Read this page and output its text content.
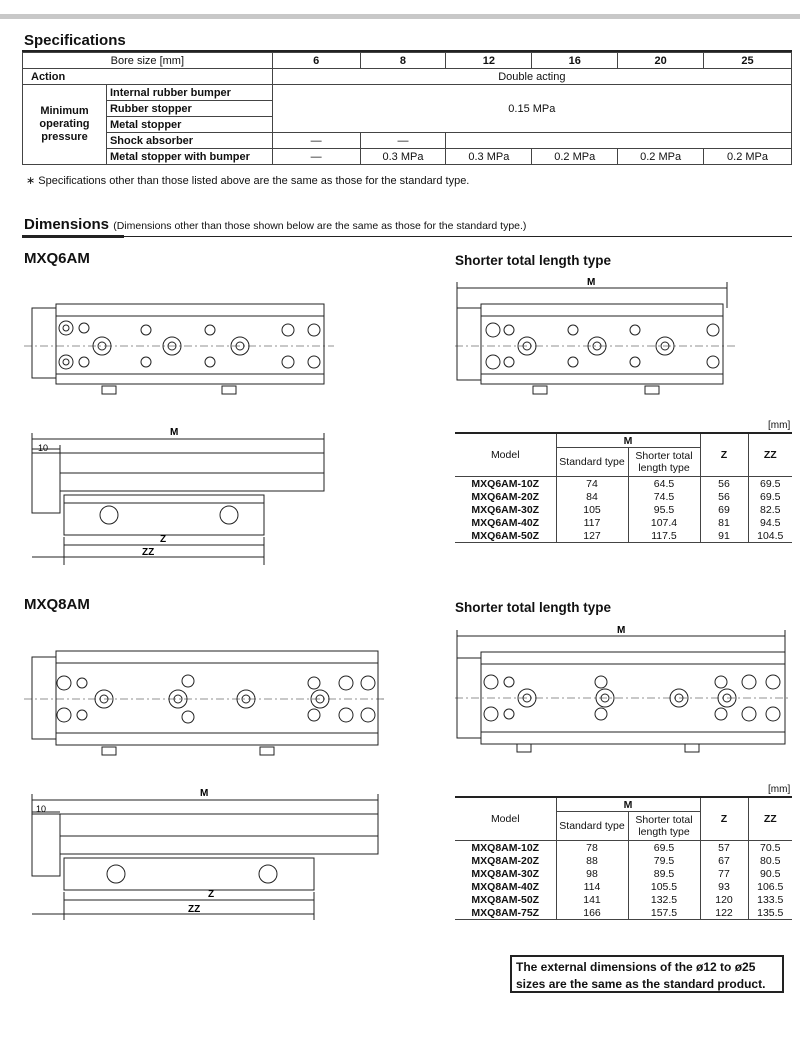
Specifications
Bore size [mm]		6	8	12	16	20	25
Action		Double acting					
Minimum
operating
pressure	Internal rubber bumper	0.15 MPa					
	Rubber stopper						
	Metal stopper						
	Shock absorber	—	—				
	Metal stopper with bumper	—	0.3 MPa	0.3 MPa	0.2 MPa	0.2 MPa	0.2 MPa
∗ Specifications other than those listed above are the same as those for the standard type.
Dimensions (Dimensions other than those shown below are the same as those for the standard type.)
MXQ6AM	Shorter total length type
M
10
Z
ZZ
M
[mm]
Model	M		Z	ZZ
	Standard type	Shorter total length type		
MXQ6AM-10Z	74	64.5	56	69.5
MXQ6AM-20Z	84	74.5	56	69.5
MXQ6AM-30Z	105	95.5	69	82.5
MXQ6AM-40Z	117	107.4	81	94.5
MXQ6AM-50Z	127	117.5	91	104.5
MXQ8AM	Shorter total length type
M
10
Z
ZZ
M
[mm]
Model	M		Z	ZZ
	Standard type	Shorter total length type		
MXQ8AM-10Z	78	69.5	57	70.5
MXQ8AM-20Z	88	79.5	67	80.5
MXQ8AM-30Z	98	89.5	77	90.5
MXQ8AM-40Z	114	105.5	93	106.5
MXQ8AM-50Z	141	132.5	120	133.5
MXQ8AM-75Z	166	157.5	122	135.5
The external dimensions of the ø12 to ø25
sizes are the same as the standard product.
